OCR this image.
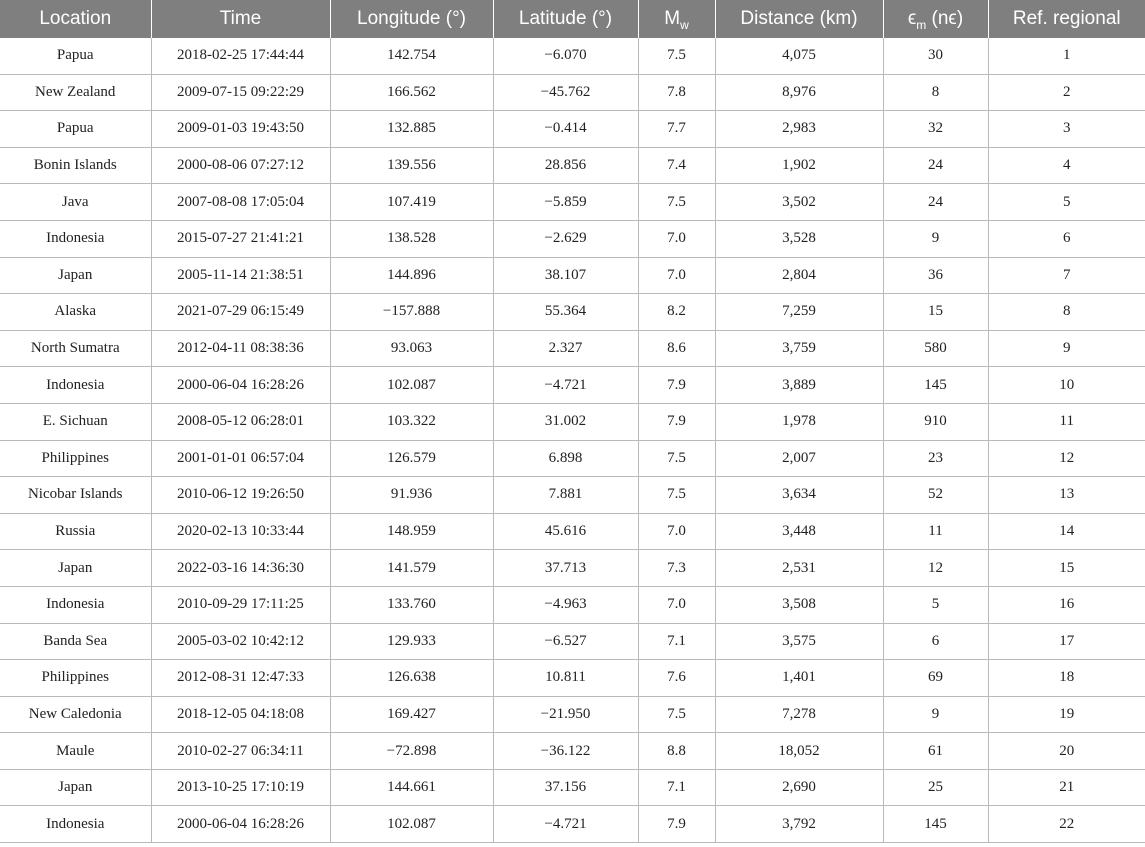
Location	Time	Longitude (°)	Latitude (°)	$M_w$	Distance (km)	$\epsilon_m$ (nϵ)	Ref. regional
Papua	2018-02-25 17:44:44	142.754	−6.070	7.5	4,075	30	1
New Zealand	2009-07-15 09:22:29	166.562	−45.762	7.8	8,976	8	2
Papua	2009-01-03 19:43:50	132.885	−0.414	7.7	2,983	32	3
Bonin Islands	2000-08-06 07:27:12	139.556	28.856	7.4	1,902	24	4
Java	2007-08-08 17:05:04	107.419	−5.859	7.5	3,502	24	5
Indonesia	2015-07-27 21:41:21	138.528	−2.629	7.0	3,528	9	6
Japan	2005-11-14 21:38:51	144.896	38.107	7.0	2,804	36	7
Alaska	2021-07-29 06:15:49	−157.888	55.364	8.2	7,259	15	8
North Sumatra	2012-04-11 08:38:36	93.063	2.327	8.6	3,759	580	9
Indonesia	2000-06-04 16:28:26	102.087	−4.721	7.9	3,889	145	10
E. Sichuan	2008-05-12 06:28:01	103.322	31.002	7.9	1,978	910	11
Philippines	2001-01-01 06:57:04	126.579	6.898	7.5	2,007	23	12
Nicobar Islands	2010-06-12 19:26:50	91.936	7.881	7.5	3,634	52	13
Russia	2020-02-13 10:33:44	148.959	45.616	7.0	3,448	11	14
Japan	2022-03-16 14:36:30	141.579	37.713	7.3	2,531	12	15
Indonesia	2010-09-29 17:11:25	133.760	−4.963	7.0	3,508	5	16
Banda Sea	2005-03-02 10:42:12	129.933	−6.527	7.1	3,575	6	17
Philippines	2012-08-31 12:47:33	126.638	10.811	7.6	1,401	69	18
New Caledonia	2018-12-05 04:18:08	169.427	−21.950	7.5	7,278	9	19
Maule	2010-02-27 06:34:11	−72.898	−36.122	8.8	18,052	61	20
Japan	2013-10-25 17:10:19	144.661	37.156	7.1	2,690	25	21
Indonesia	2000-06-04 16:28:26	102.087	−4.721	7.9	3,792	145	22
